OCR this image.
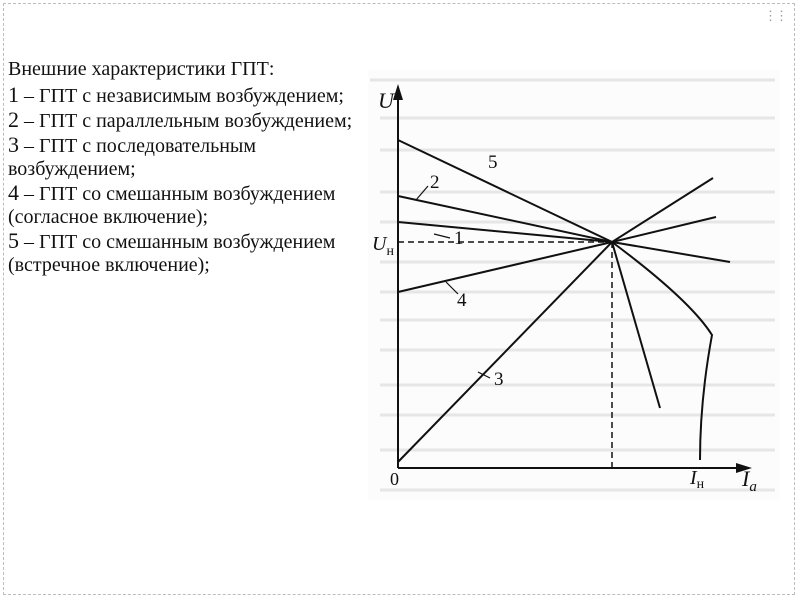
⋮⋮
Внешние характеристики ГПТ:
1 – ГПТ с независимым возбуждением;
2 – ГПТ с параллельным возбуждением;
3 – ГПТ с последовательным возбуждением;
4 – ГПТ со смешанным возбуждением (согласное включение);
5 – ГПТ со смешанным возбуждением (встречное включение);
U
$U_н$
0	$I_н$ $I_a$
5
2
1
4
3
